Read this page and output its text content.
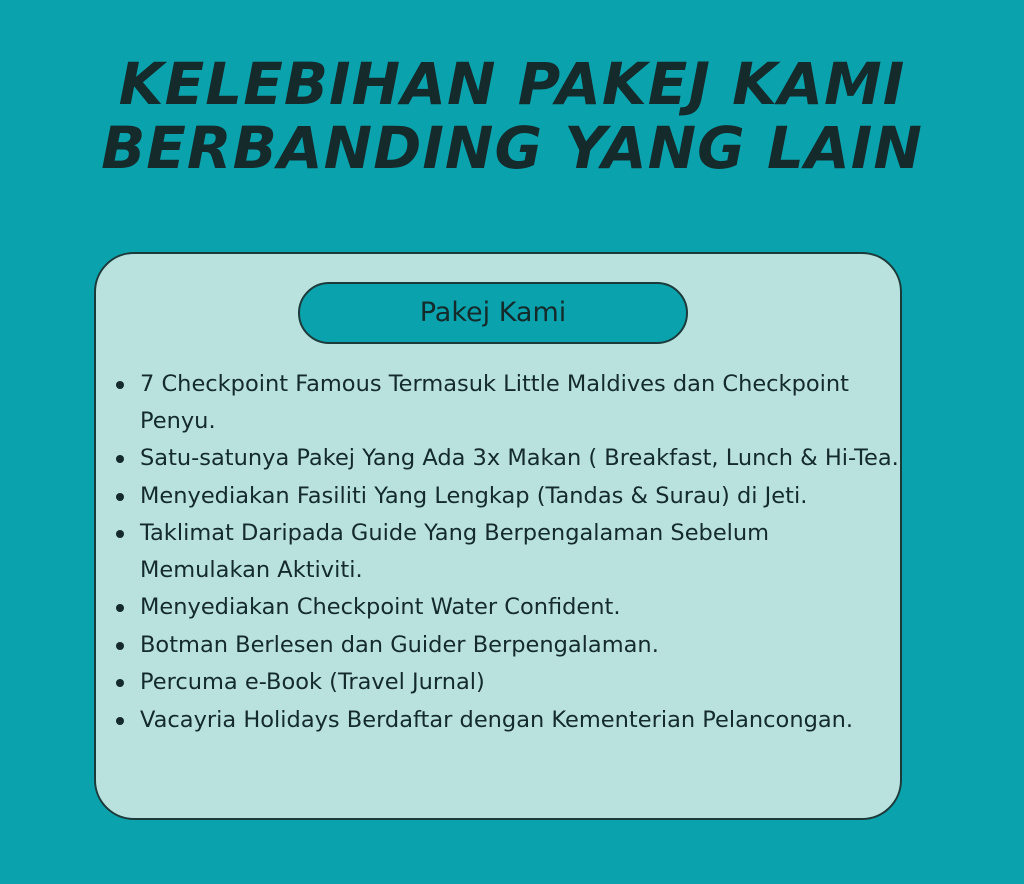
KELEBIHAN PAKEJ KAMI
BERBANDING YANG LAIN
Pakej Kami
7 Checkpoint Famous Termasuk Little Maldives dan Checkpoint Penyu.
Satu-satunya Pakej Yang Ada 3x Makan ( Breakfast, Lunch & Hi-Tea.
Menyediakan Fasiliti Yang Lengkap (Tandas & Surau) di Jeti.
Taklimat Daripada Guide Yang Berpengalaman Sebelum Memulakan Aktiviti.
Menyediakan Checkpoint Water Confident.
Botman Berlesen dan Guider Berpengalaman.
Percuma e-Book (Travel Jurnal)
Vacayria Holidays Berdaftar dengan Kementerian Pelancongan.
